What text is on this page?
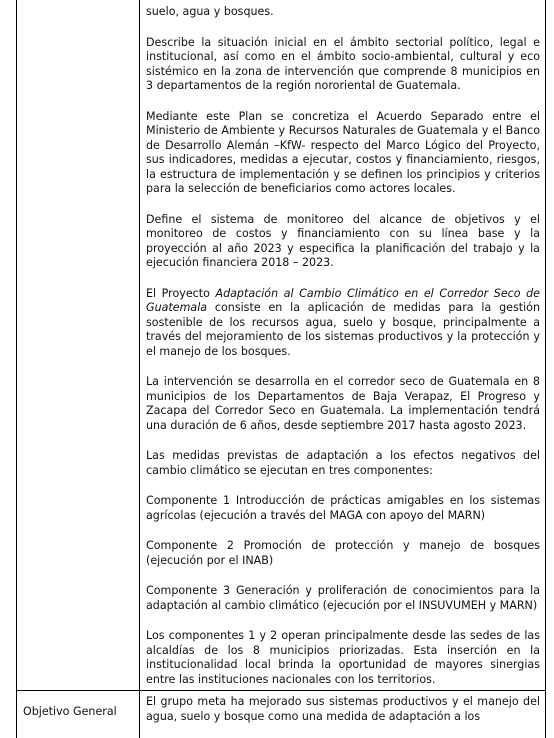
suelo, agua y bosques.

Describe la situación inicial en el ámbito sectorial político, legal e institucional, así como en el ámbito socio-ambiental, cultural y eco sistémico en la zona de intervención que comprende 8 municipios en 3 departamentos de la región nororiental de Guatemala.

Mediante este Plan se concretiza el Acuerdo Separado entre el Ministerio de Ambiente y Recursos Naturales de Guatemala y el Banco de Desarrollo Alemán –KfW- respecto del Marco Lógico del Proyecto, sus indicadores, medidas a ejecutar, costos y financiamiento, riesgos, la estructura de implementación y se definen los principios y criterios para la selección de beneficiarios como actores locales.

Define el sistema de monitoreo del alcance de objetivos y el monitoreo de costos y financiamiento con su línea base y la proyección al año 2023 y especifica la planificación del trabajo y la ejecución financiera 2018 – 2023.

El Proyecto Adaptación al Cambio Climático en el Corredor Seco de Guatemala consiste en la aplicación de medidas para la gestión sostenible de los recursos agua, suelo y bosque, principalmente a través del mejoramiento de los sistemas productivos y la protección y el manejo de los bosques.

La intervención se desarrolla en el corredor seco de Guatemala en 8 municipios de los Departamentos de Baja Verapaz, El Progreso y Zacapa del Corredor Seco en Guatemala. La implementación tendrá una duración de 6 años, desde septiembre 2017 hasta agosto 2023.

Las medidas previstas de adaptación a los efectos negativos del cambio climático se ejecutan en tres componentes:

Componente 1 Introducción de prácticas amigables en los sistemas agrícolas (ejecución a través del MAGA con apoyo del MARN)

Componente 2 Promoción de protección y manejo de bosques (ejecución por el INAB)

Componente 3 Generación y proliferación de conocimientos para la adaptación al cambio climático (ejecución por el INSUVUMEH y MARN)

Los componentes 1 y 2 operan principalmente desde las sedes de las alcaldías de los 8 municipios priorizadas. Esta inserción en la institucionalidad local brinda la oportunidad de mayores sinergias entre las instituciones nacionales con los territorios.

Objetivo General
El grupo meta ha mejorado sus sistemas productivos y el manejo del agua, suelo y bosque como una medida de adaptación a los
